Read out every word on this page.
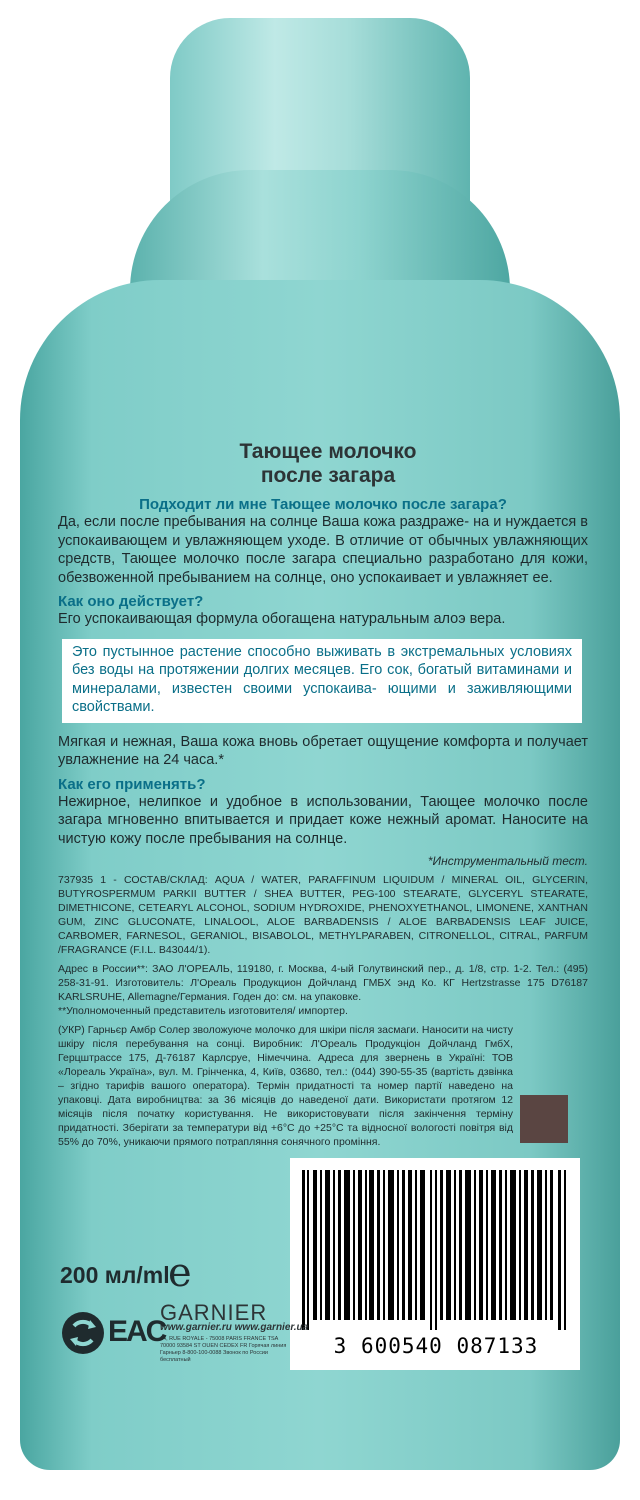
Тающее молочко
после загара
Подходит ли мне Тающее молочко после загара?
Да, если после пребывания на солнце Ваша кожа раздраже- на и нуждается в успокаивающем и увлажняющем уходе. В отличие от обычных увлажняющих средств, Тающее молочко после загара специально разработано для кожи, обезвоженной пребыванием на солнце, оно успокаивает и увлажняет ее.
Как оно действует?
Его успокаивающая формула обогащена натуральным алоэ вера.
Это пустынное растение способно выживать в экстремальных условиях без воды на протяжении долгих месяцев. Его сок, богатый витаминами и минералами, известен своими успокаива- ющими и заживляющими свойствами.
Мягкая и нежная, Ваша кожа вновь обретает ощущение комфорта и получает увлажнение на 24 часа.*
Как его применять?
Нежирное, нелипкое и удобное в использовании, Тающее молочко после загара мгновенно впитывается и придает коже нежный аромат. Наносите на чистую кожу после пребывания на солнце.
*Инструментальный тест.
737935 1 - СОСТАВ/СКЛАД: AQUA / WATER, PARAFFINUM LIQUIDUM / MINERAL OIL, GLYCERIN, BUTYROSPERMUM PARKII BUTTER / SHEA BUTTER, PEG-100 STEARATE, GLYCERYL STEARATE, DIMETHICONE, CETEARYL ALCOHOL, SODIUM HYDROXIDE, PHENOXYETHANOL, LIMONENE, XANTHAN GUM, ZINC GLUCONATE, LINALOOL, ALOE BARBADENSIS / ALOE BARBADENSIS LEAF JUICE, CARBOMER, FARNESOL, GERANIOL, BISABOLOL, METHYLPARABEN, CITRONELLOL, CITRAL, PARFUM /FRAGRANCE (F.I.L. B43044/1).
Адрес в России**: ЗАО Л'ОРЕАЛЬ, 119180, г. Москва, 4-ый Голутвинский пер., д. 1/8, стр. 1-2. Тел.: (495) 258-31-91. Изготовитель: Л'Ореаль Продукцион Дойчланд ГМБХ энд Ко. КГ Hertzstrasse 175 D76187 KARLSRUHE, Allemagne/Германия. Годен до: см. на упаковке.
**Уполномоченный представитель изготовителя/ импортер.
(УКР) Гарньєр Амбр Солер зволожуюче молочко для шкіри після засмаги. Наносити на чисту шкіру після перебування на сонці. Виробник: Л'Ореаль Продукціон Дойчланд ГмбХ, Герцштрассе 175, Д-76187 Карлсруе, Німеччина. Адреса для звернень в Україні: ТОВ «Лореаль Україна», вул. М. Грінченка, 4, Київ, 03680, тел.: (044) 390-55-35 (вартість дзвінка – згідно тарифів вашого оператора). Термін придатності та номер партії наведено на упаковці. Дата виробництва: за 36 місяців до наведеної дати. Використати протягом 12 місяців після початку користування. Не використовувати після закінчення терміну придатності. Зберігати за температури від +6°C до +25°C та відносної вологості повітря від 55% до 70%, уникаючи прямого потрапляння сонячного проміння.
3 600540 087133
200 мл/ml
e
GARNIER
www.garnier.ru www.garnier.ua
14, RUE ROYALE - 75008 PARIS FRANCE TSA 70000 93584 ST OUEN CEDEX FR Горячая линия Гарньер 8-800-100-0088 Звонок по России бесплатный
EAC
